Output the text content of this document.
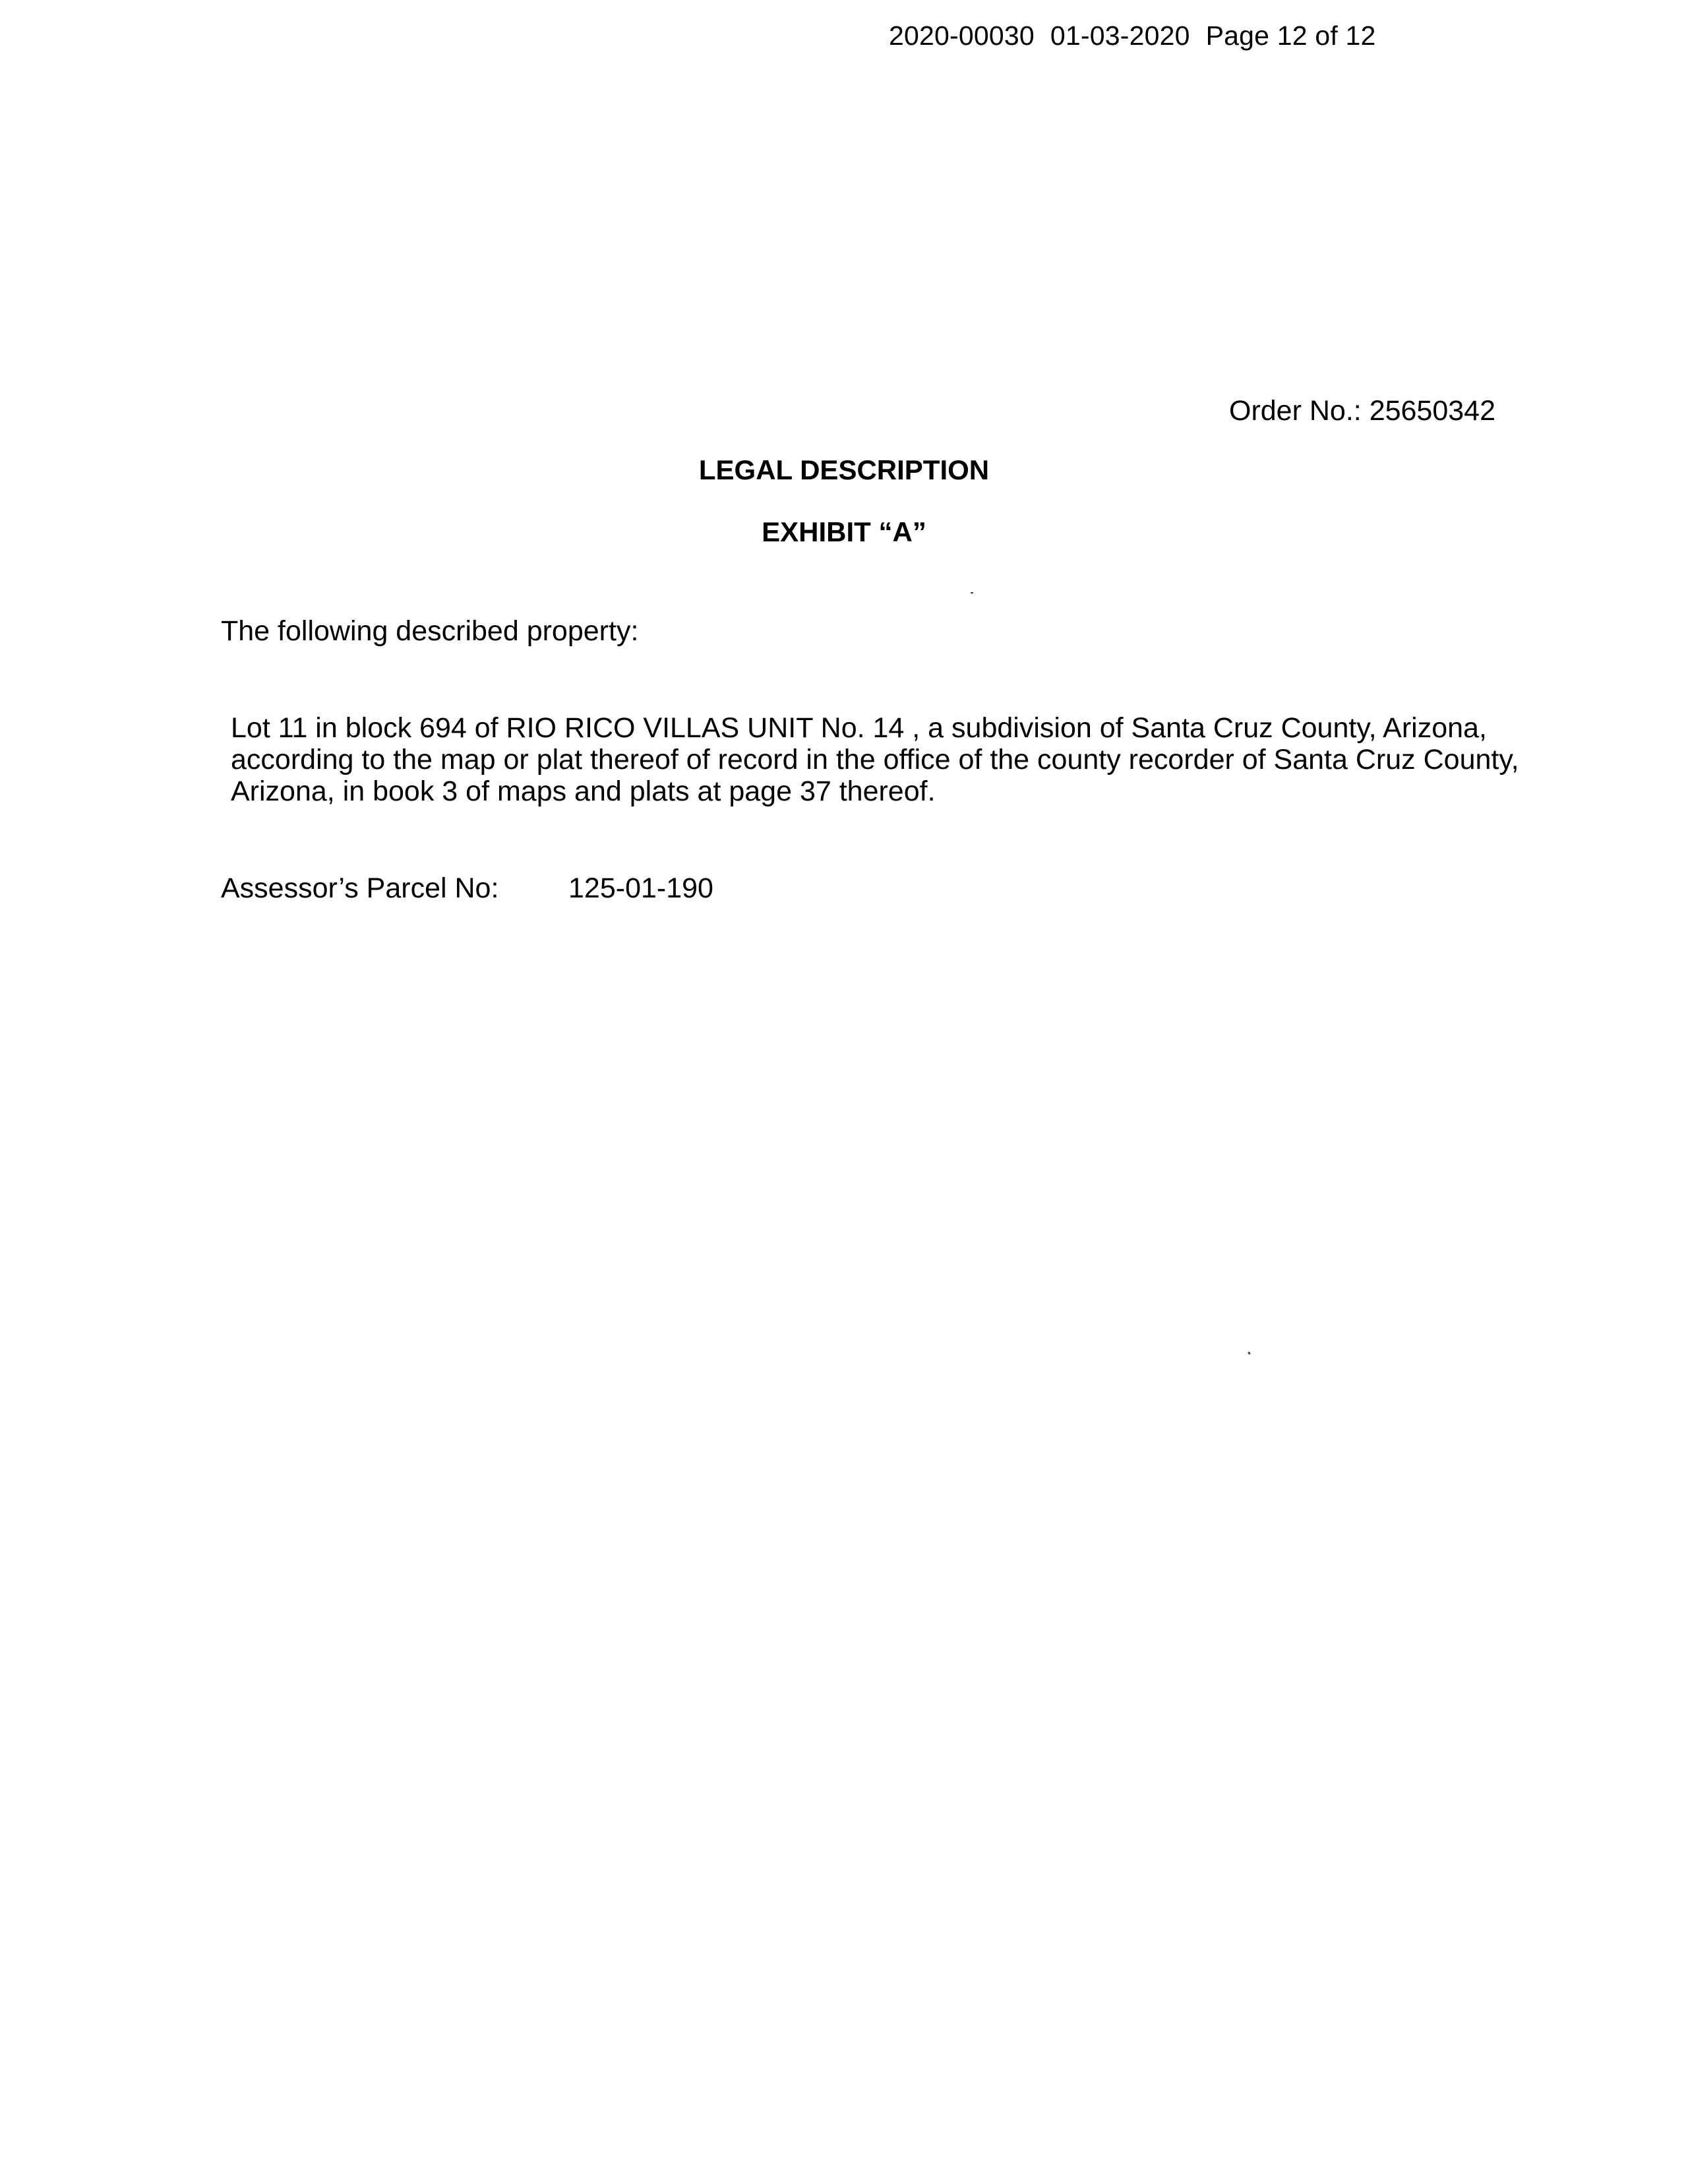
2020-00030 01-03-2020 Page 12 of 12
Order No.: 25650342
LEGAL DESCRIPTION
EXHIBIT “A”
The following described property:
Lot 11 in block 694 of RIO RICO VILLAS UNIT No. 14 , a subdivision of Santa Cruz County, Arizona,
according to the map or plat thereof of record in the office of the county recorder of Santa Cruz County,
Arizona, in book 3 of maps and plats at page 37 thereof.
Assessor’s Parcel No: 125-01-190
